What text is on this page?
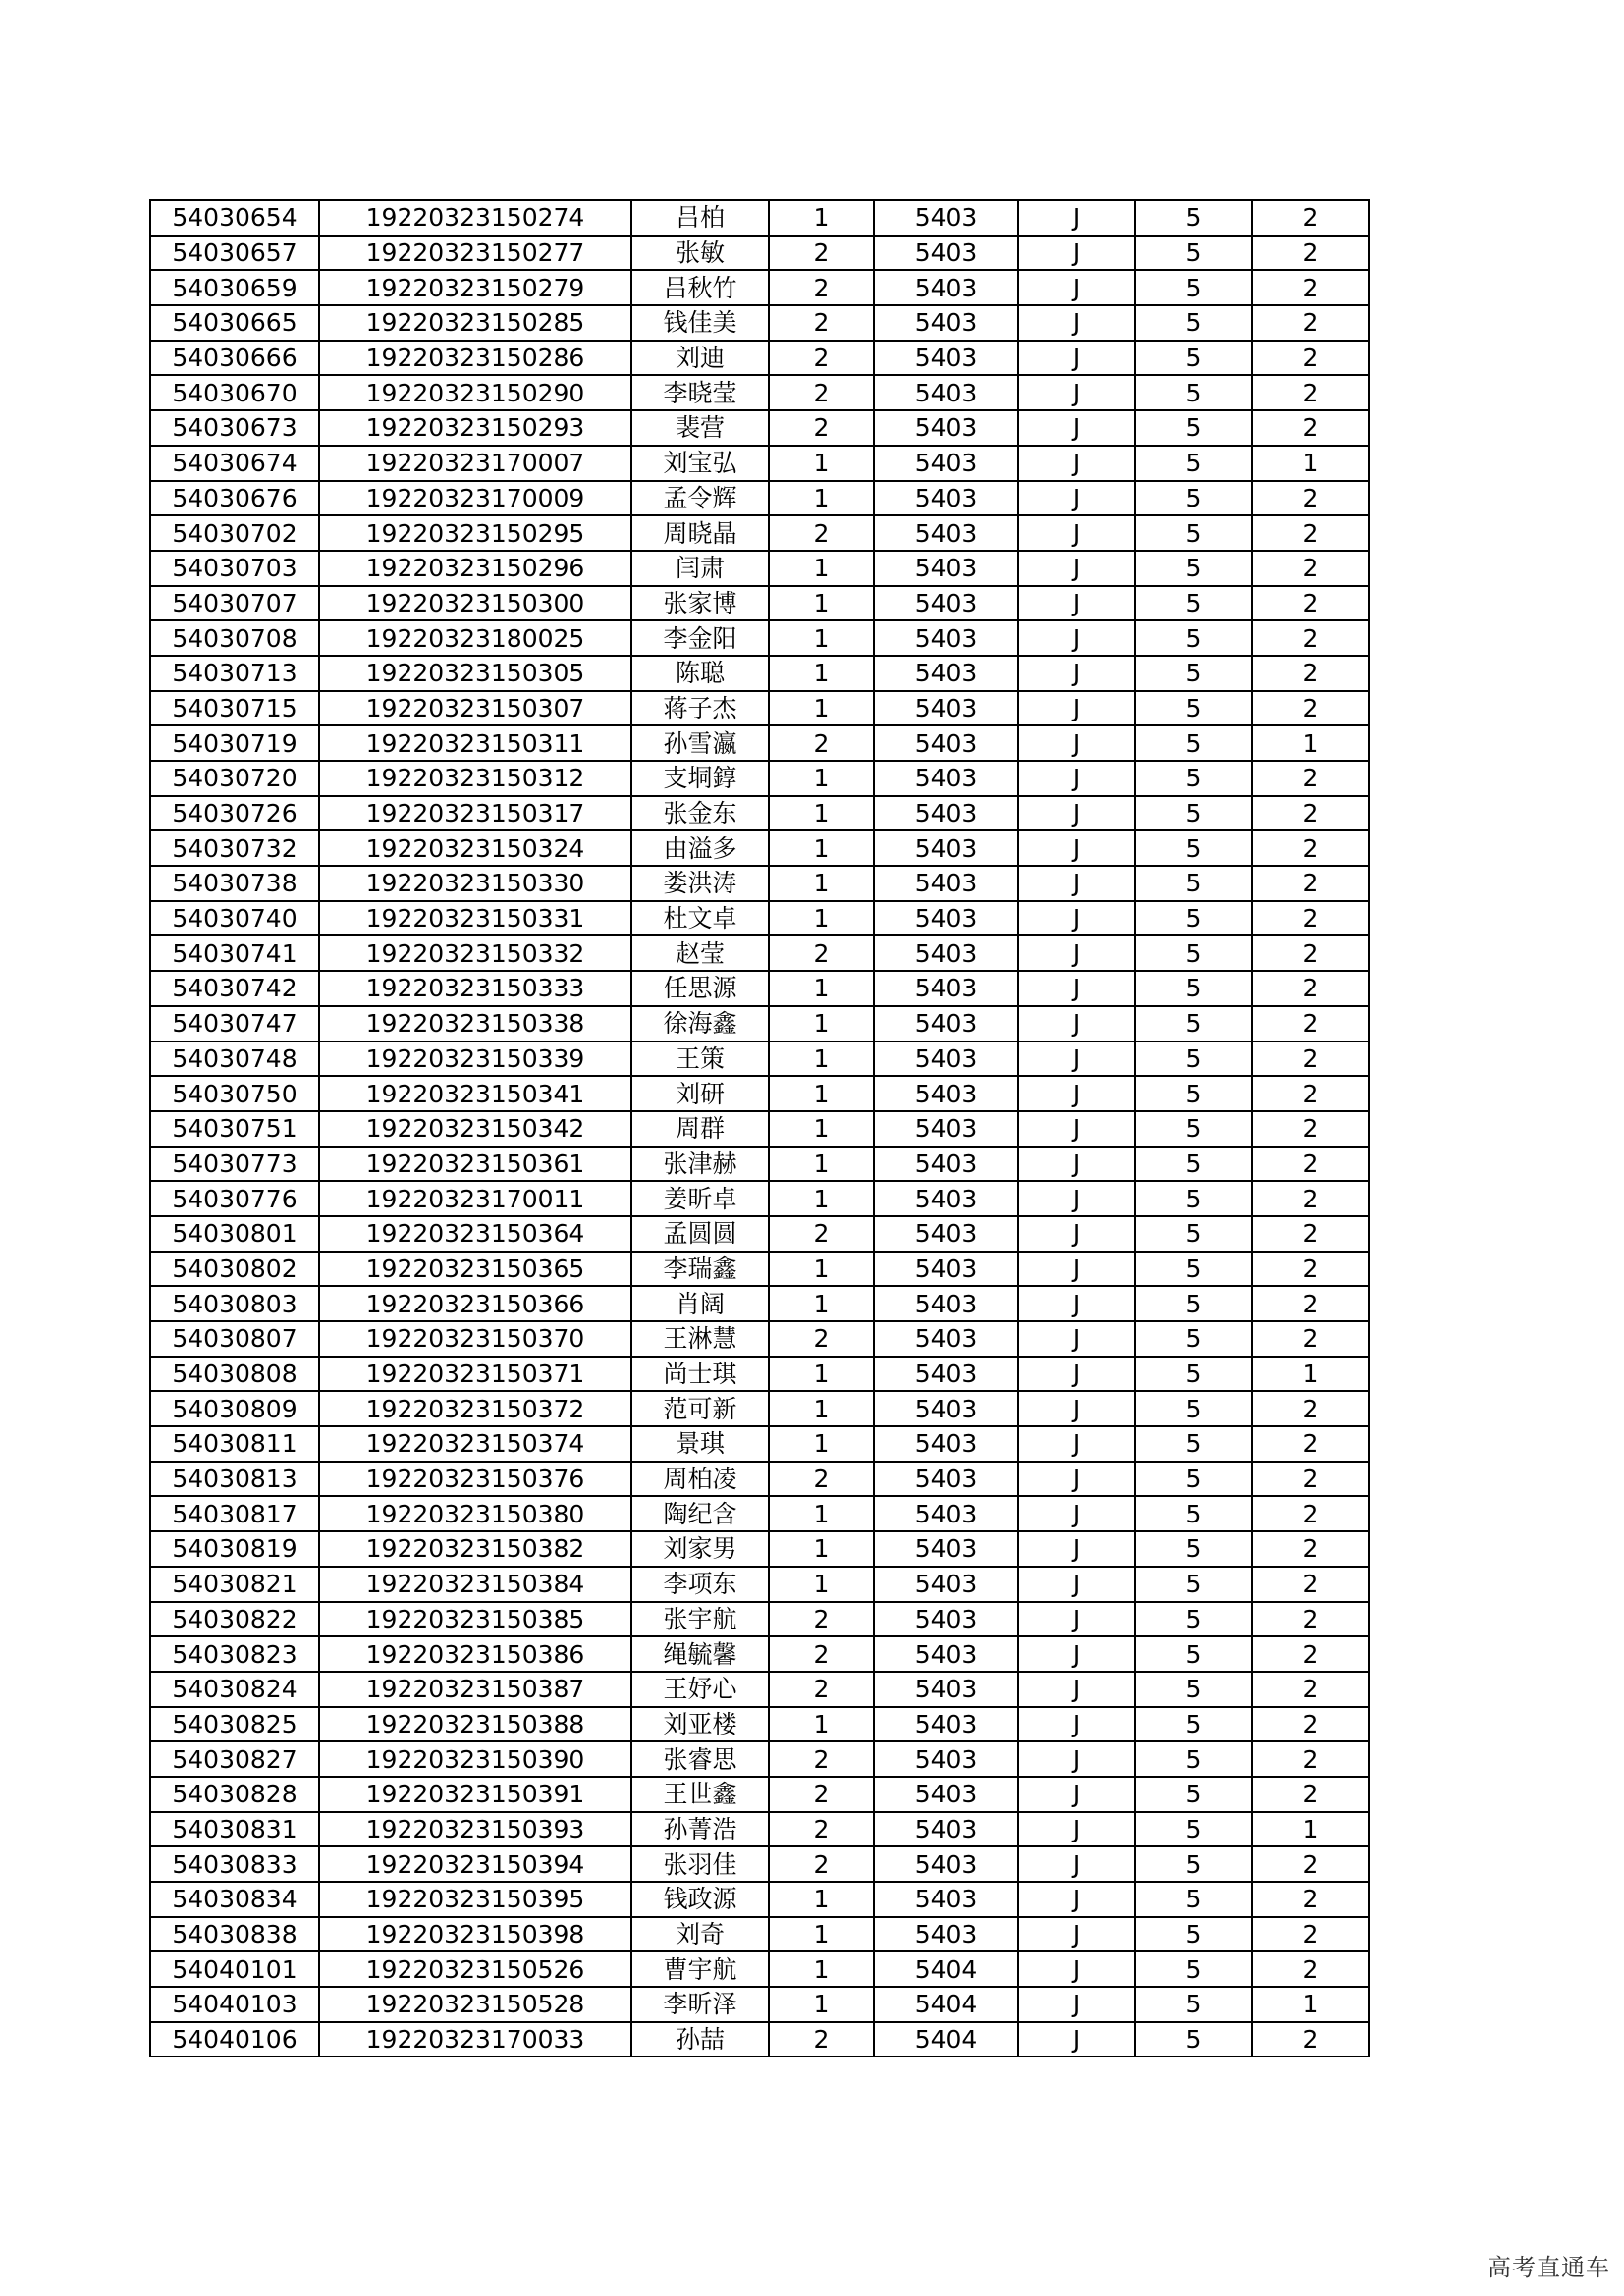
54030654	19220323150274	吕柏	1	5403	J	5	2
54030657	19220323150277	张敏	2	5403	J	5	2
54030659	19220323150279	吕秋竹	2	5403	J	5	2
54030665	19220323150285	钱佳美	2	5403	J	5	2
54030666	19220323150286	刘迪	2	5403	J	5	2
54030670	19220323150290	李晓莹	2	5403	J	5	2
54030673	19220323150293	裴营	2	5403	J	5	2
54030674	19220323170007	刘宝弘	1	5403	J	5	1
54030676	19220323170009	孟令辉	1	5403	J	5	2
54030702	19220323150295	周晓晶	2	5403	J	5	2
54030703	19220323150296	闫肃	1	5403	J	5	2
54030707	19220323150300	张家博	1	5403	J	5	2
54030708	19220323180025	李金阳	1	5403	J	5	2
54030713	19220323150305	陈聪	1	5403	J	5	2
54030715	19220323150307	蒋子杰	1	5403	J	5	2
54030719	19220323150311	孙雪瀛	2	5403	J	5	1
54030720	19220323150312	支垌錞	1	5403	J	5	2
54030726	19220323150317	张金东	1	5403	J	5	2
54030732	19220323150324	由溢多	1	5403	J	5	2
54030738	19220323150330	娄洪涛	1	5403	J	5	2
54030740	19220323150331	杜文卓	1	5403	J	5	2
54030741	19220323150332	赵莹	2	5403	J	5	2
54030742	19220323150333	任思源	1	5403	J	5	2
54030747	19220323150338	徐海鑫	1	5403	J	5	2
54030748	19220323150339	王策	1	5403	J	5	2
54030750	19220323150341	刘研	1	5403	J	5	2
54030751	19220323150342	周群	1	5403	J	5	2
54030773	19220323150361	张津赫	1	5403	J	5	2
54030776	19220323170011	姜昕卓	1	5403	J	5	2
54030801	19220323150364	孟圆圆	2	5403	J	5	2
54030802	19220323150365	李瑞鑫	1	5403	J	5	2
54030803	19220323150366	肖阔	1	5403	J	5	2
54030807	19220323150370	王淋慧	2	5403	J	5	2
54030808	19220323150371	尚士琪	1	5403	J	5	1
54030809	19220323150372	范可新	1	5403	J	5	2
54030811	19220323150374	景琪	1	5403	J	5	2
54030813	19220323150376	周柏凌	2	5403	J	5	2
54030817	19220323150380	陶纪含	1	5403	J	5	2
54030819	19220323150382	刘家男	1	5403	J	5	2
54030821	19220323150384	李项东	1	5403	J	5	2
54030822	19220323150385	张宇航	2	5403	J	5	2
54030823	19220323150386	绳毓馨	2	5403	J	5	2
54030824	19220323150387	王妤心	2	5403	J	5	2
54030825	19220323150388	刘亚楼	1	5403	J	5	2
54030827	19220323150390	张睿思	2	5403	J	5	2
54030828	19220323150391	王世鑫	2	5403	J	5	2
54030831	19220323150393	孙菁浩	2	5403	J	5	1
54030833	19220323150394	张羽佳	2	5403	J	5	2
54030834	19220323150395	钱政源	1	5403	J	5	2
54030838	19220323150398	刘奇	1	5403	J	5	2
54040101	19220323150526	曹宇航	1	5404	J	5	2
54040103	19220323150528	李昕泽	1	5404	J	5	1
54040106	19220323170033	孙喆	2	5404	J	5	2
高考直通车
